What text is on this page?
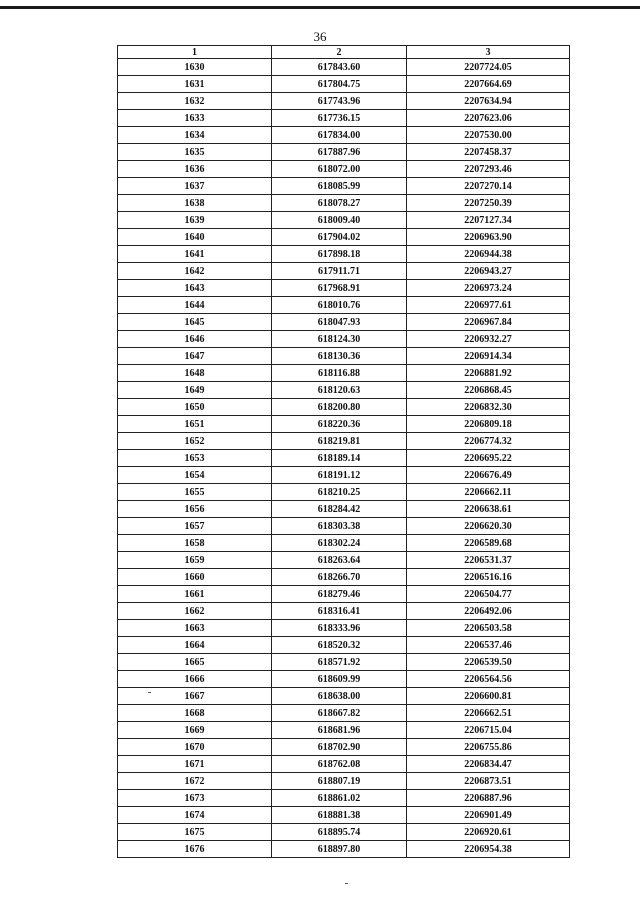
36
1	2	3
1630	617843.60	2207724.05
1631	617804.75	2207664.69
1632	617743.96	2207634.94
1633	617736.15	2207623.06
1634	617834.00	2207530.00
1635	617887.96	2207458.37
1636	618072.00	2207293.46
1637	618085.99	2207270.14
1638	618078.27	2207250.39
1639	618009.40	2207127.34
1640	617904.02	2206963.90
1641	617898.18	2206944.38
1642	617911.71	2206943.27
1643	617968.91	2206973.24
1644	618010.76	2206977.61
1645	618047.93	2206967.84
1646	618124.30	2206932.27
1647	618130.36	2206914.34
1648	618116.88	2206881.92
1649	618120.63	2206868.45
1650	618200.80	2206832.30
1651	618220.36	2206809.18
1652	618219.81	2206774.32
1653	618189.14	2206695.22
1654	618191.12	2206676.49
1655	618210.25	2206662.11
1656	618284.42	2206638.61
1657	618303.38	2206620.30
1658	618302.24	2206589.68
1659	618263.64	2206531.37
1660	618266.70	2206516.16
1661	618279.46	2206504.77
1662	618316.41	2206492.06
1663	618333.96	2206503.58
1664	618520.32	2206537.46
1665	618571.92	2206539.50
1666	618609.99	2206564.56
1667	618638.00	2206600.81
1668	618667.82	2206662.51
1669	618681.96	2206715.04
1670	618702.90	2206755.86
1671	618762.08	2206834.47
1672	618807.19	2206873.51
1673	618861.02	2206887.96
1674	618881.38	2206901.49
1675	618895.74	2206920.61
1676	618897.80	2206954.38
